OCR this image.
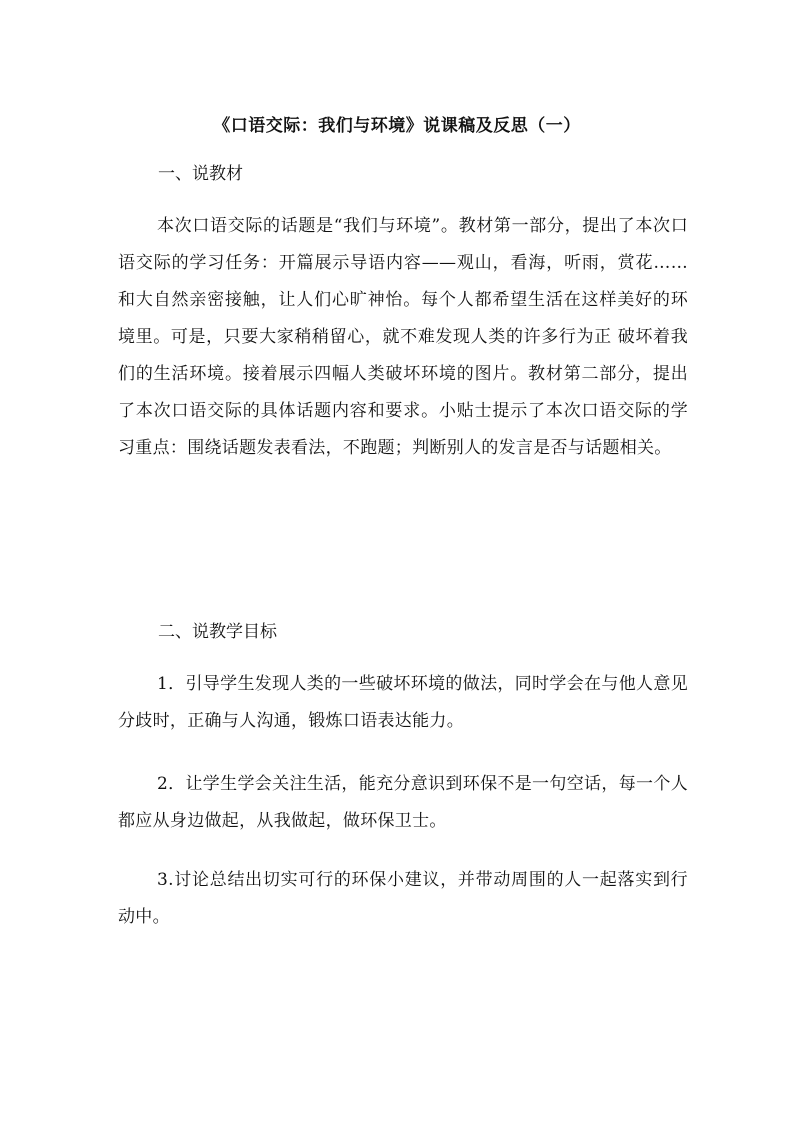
《口语交际：我们与环境》说课稿及反思（一）
一、说教材

本次口语交际的话题是“我们与环境”。教材第一部分，提出了本次口语交际的学习任务：开篇展示导语内容——观山，看海，听雨，赏花……和大自然亲密接触，让人们心旷神怡。每个人都希望生活在这样美好的环境里。可是，只要大家稍稍留心，就不难发现人类的许多行为正 破坏着我们的生活环境。接着展示四幅人类破坏环境的图片。教材第二部分，提出了本次口语交际的具体话题内容和要求。小贴士提示了本次口语交际的学习重点：围绕话题发表看法，不跑题；判断别人的发言是否与话题相关。

二、说教学目标

1．引导学生发现人类的一些破坏环境的做法，同时学会在与他人意见分歧时，正确与人沟通，锻炼口语表达能力。

2．让学生学会关注生活，能充分意识到环保不是一句空话，每一个人都应从身边做起，从我做起，做环保卫士。

3.讨论总结出切实可行的环保小建议，并带动周围的人一起落实到行动中。
